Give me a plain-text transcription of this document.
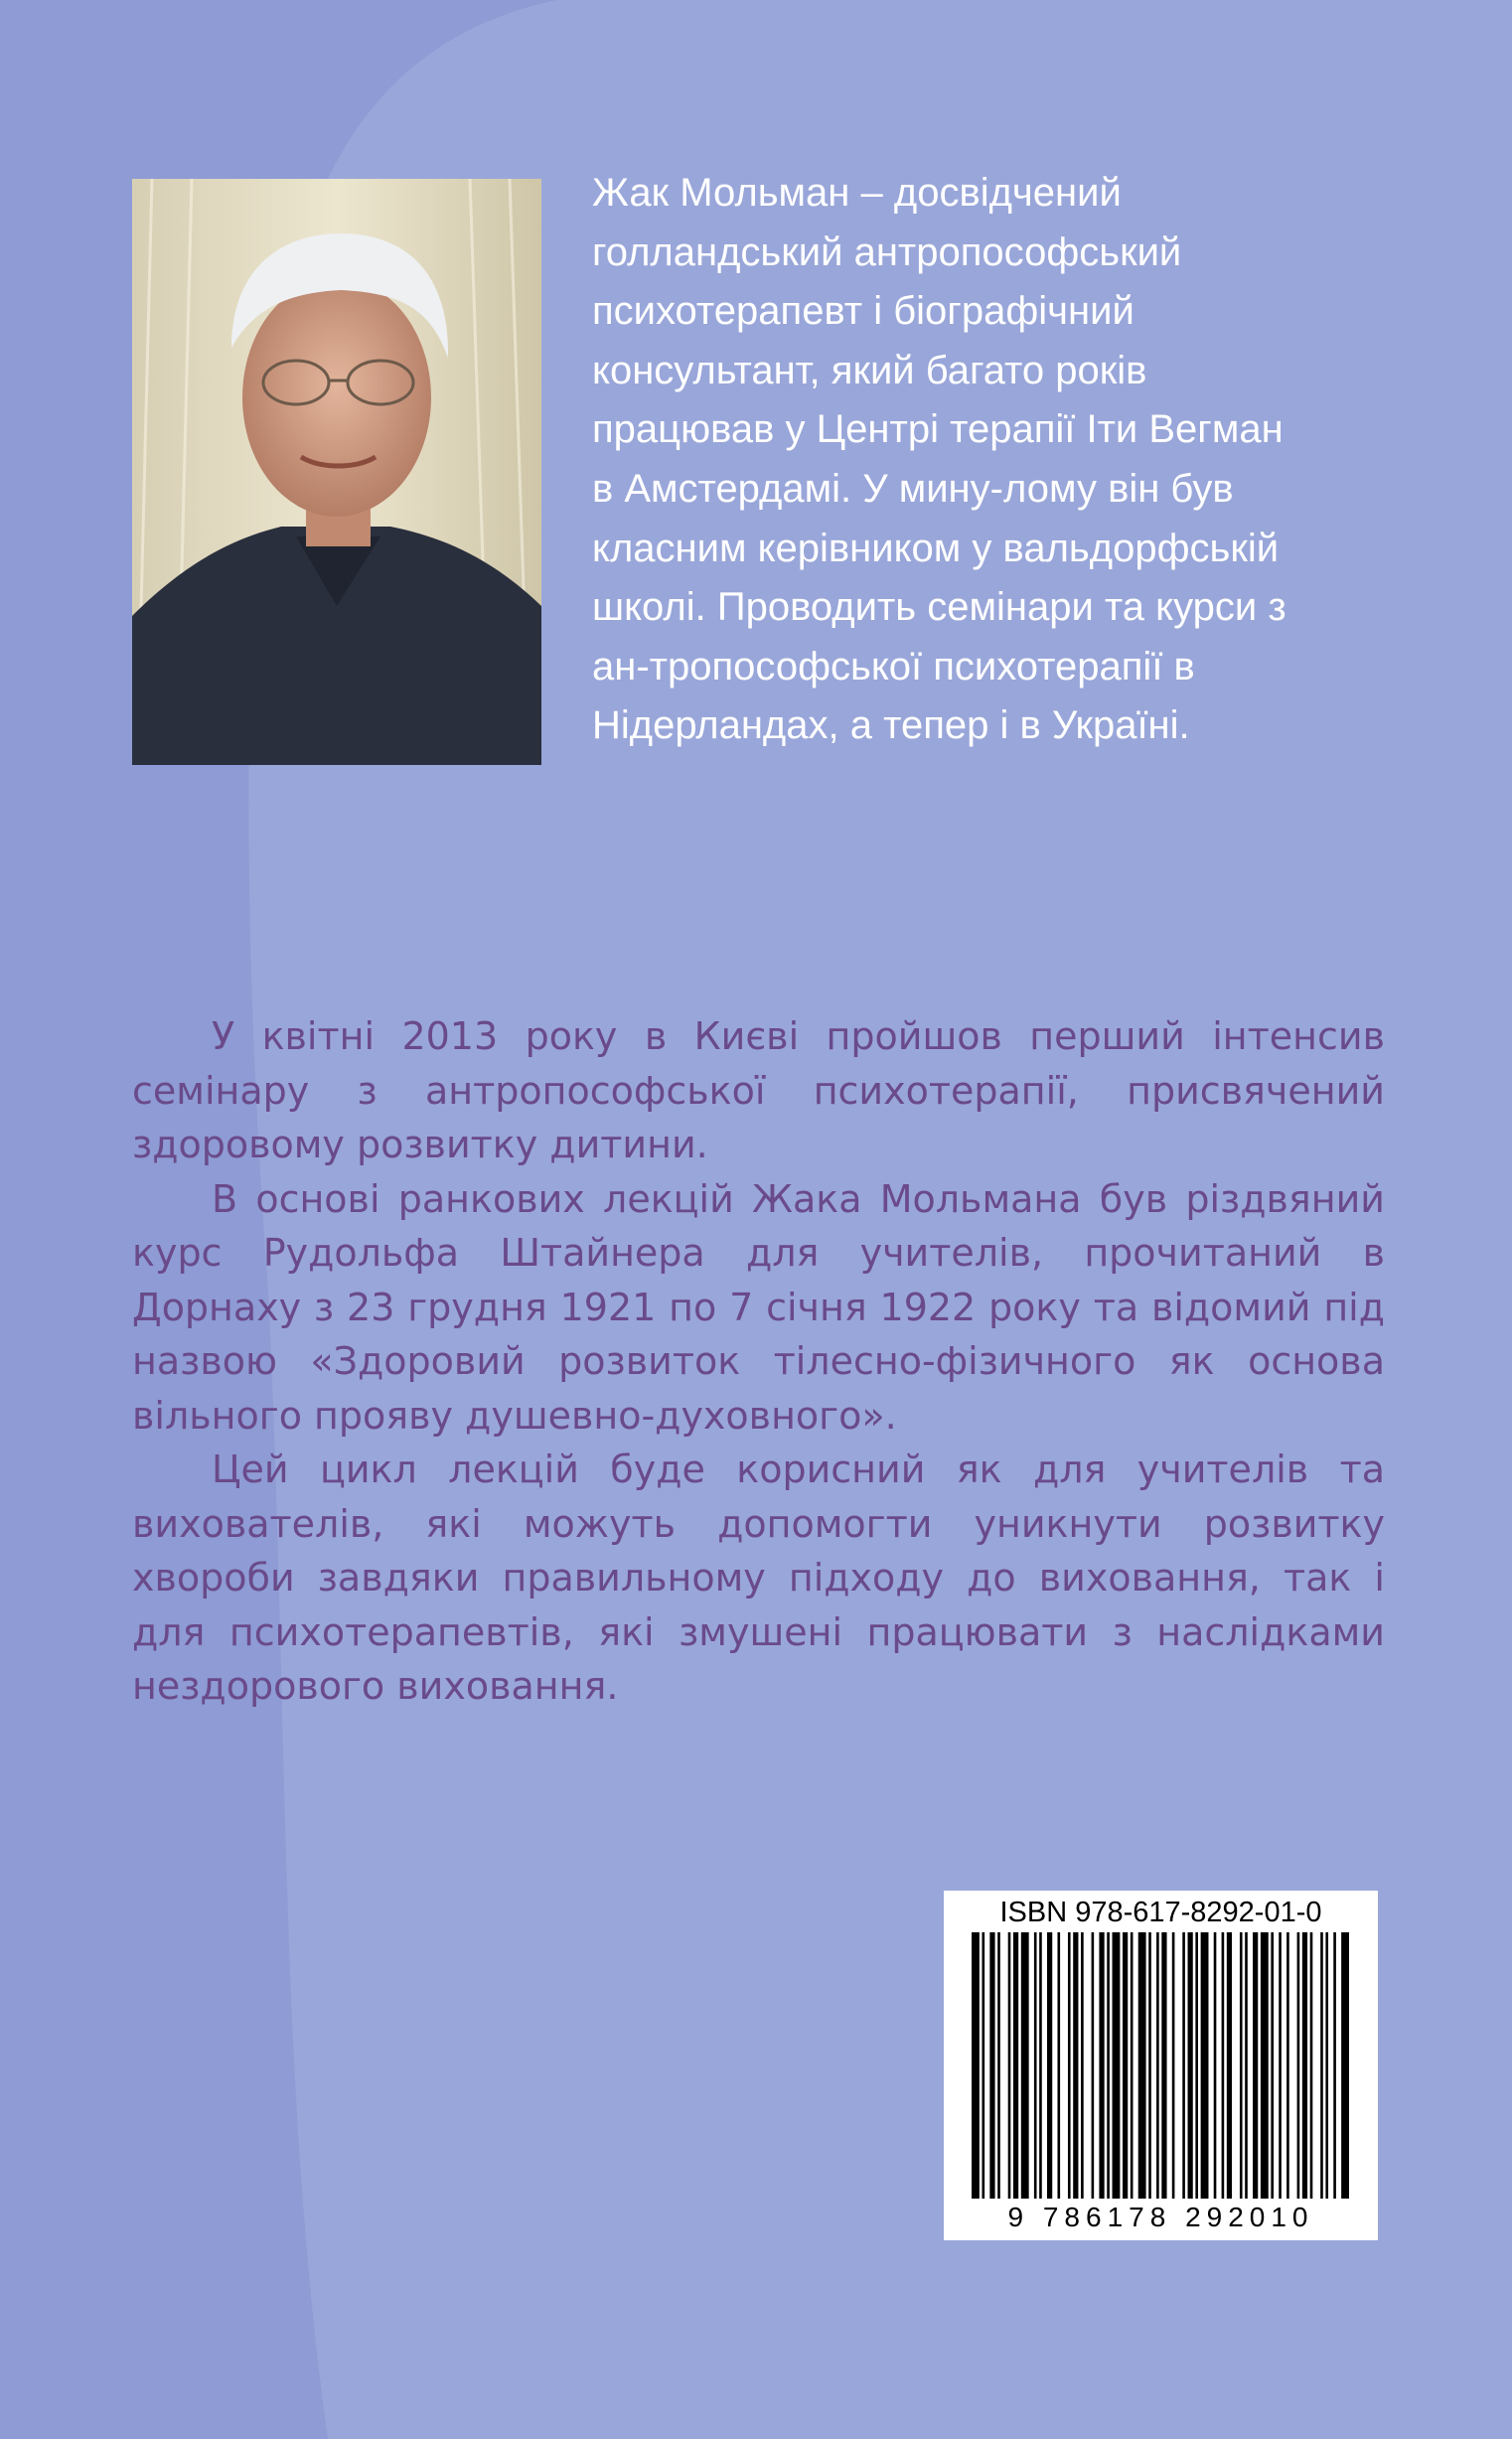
Жак Мольман – досвідчений

голландський антропософський

психотерапевт і біографічний

консультант, який багато років

працював у Центрі терапії Іти Вегман

в Амстердамі. У мину-лому він був

класним керівником у вальдорфській

школі. Проводить семінари та курси з

ан-тропософської психотерапії в

Нідерландах, а тепер і в Україні.

У квітні 2013 року в Києві пройшов перший інтенсив семінару з антропософської психотерапії, присвячений здоровому розвитку дитини.

В основі ранкових лекцій Жака Мольмана був різдвяний курс Рудольфа Штайнера для учителів, прочитаний в Дорнаху з 23 грудня 1921 по 7 січня 1922 року та відомий під назвою «Здоровий розвиток тілесно-фізичного як основа вільного прояву душевно-духовного».

Цей цикл лекцій буде корисний як для учителів та вихователів, які можуть допомогти уникнути розвитку хвороби завдяки правильному підходу до виховання, так і для психотерапевтів, які змушені працювати з наслідками нездорового виховання.

ISBN 978-617-8292-01-0
9 786178 292010
